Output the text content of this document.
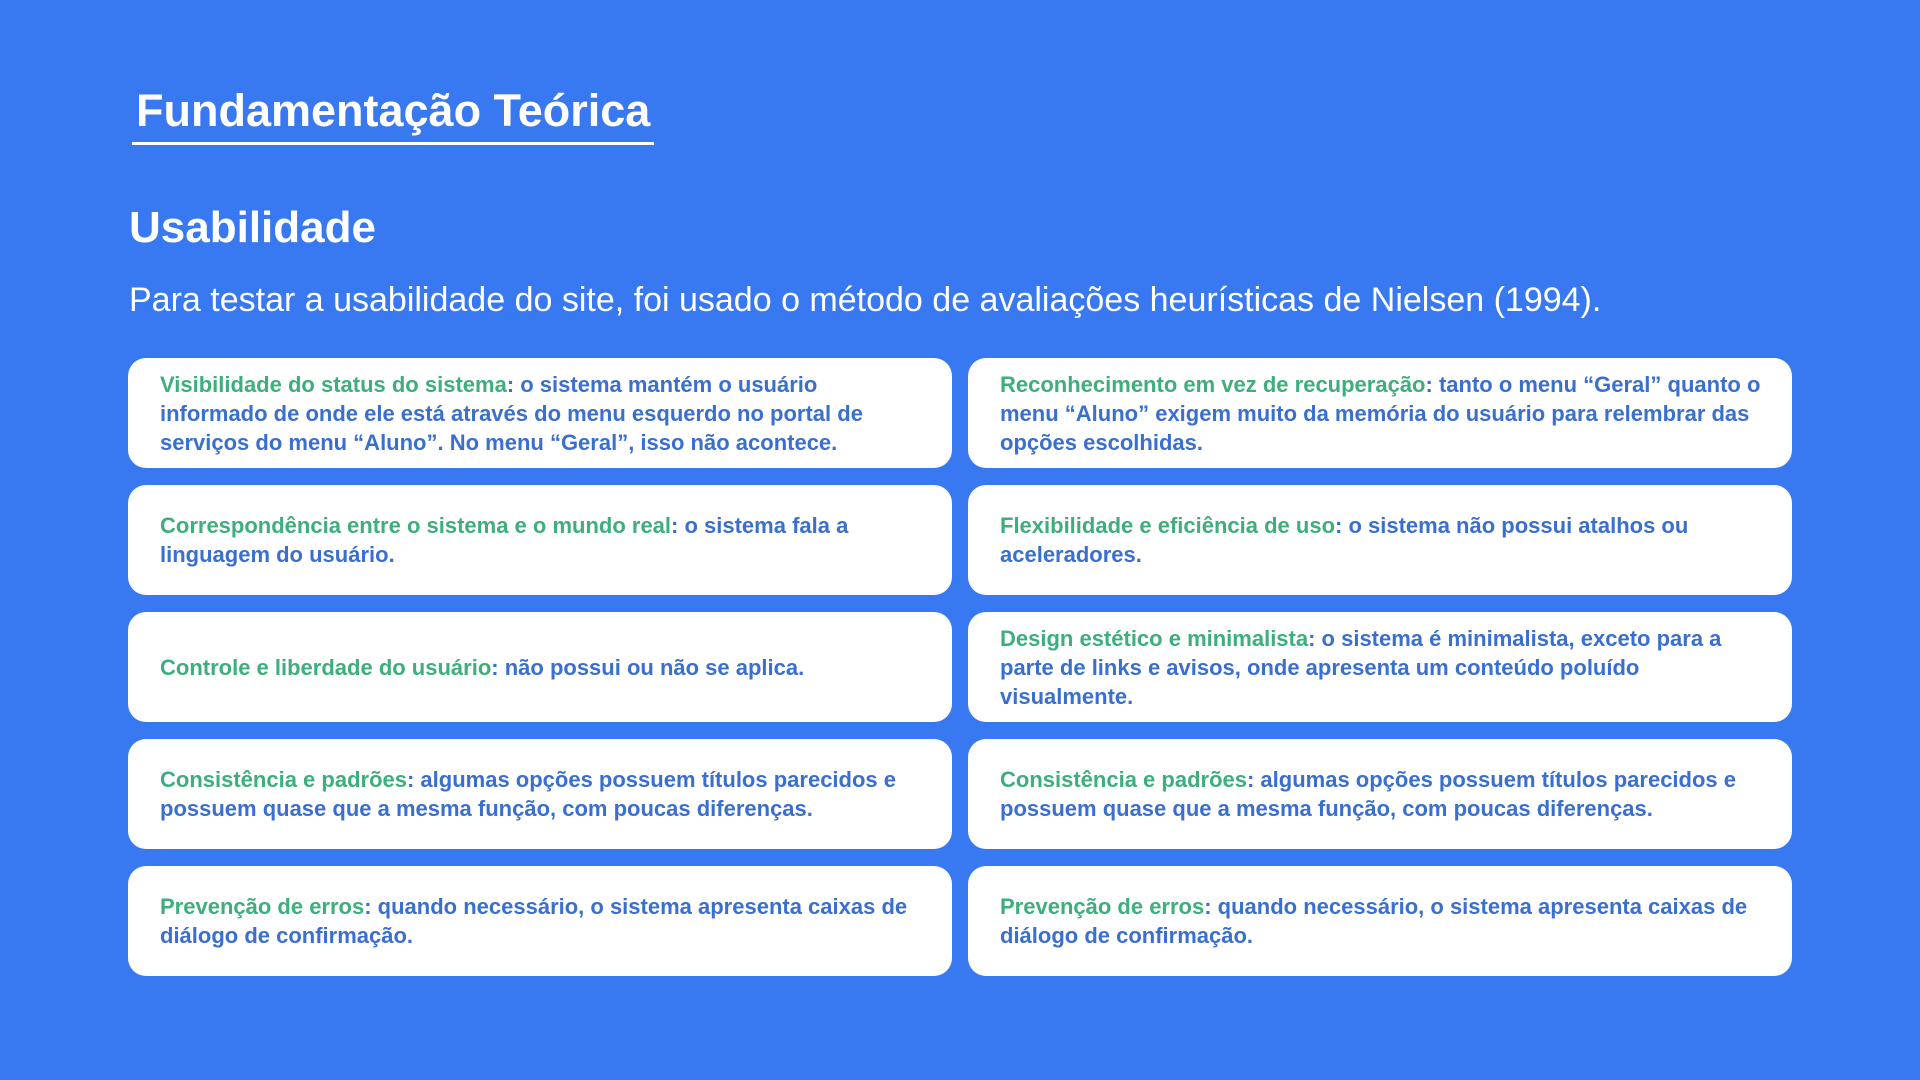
Fundamentação Teórica
Usabilidade
Para testar a usabilidade do site, foi usado o método de avaliações heurísticas de Nielsen (1994).
Visibilidade do status do sistema: o sistema mantém o usuário informado de onde ele está através do menu esquerdo no portal de serviços do menu “Aluno”. No menu “Geral”, isso não acontece.
Reconhecimento em vez de recuperação: tanto o menu “Geral” quanto o menu “Aluno” exigem muito da memória do usuário para relembrar das opções escolhidas.
Correspondência entre o sistema e o mundo real: o sistema fala a linguagem do usuário.
Flexibilidade e eficiência de uso: o sistema não possui atalhos ou aceleradores.
Controle e liberdade do usuário: não possui ou não se aplica.
Design estético e minimalista: o sistema é minimalista, exceto para a parte de links e avisos, onde apresenta um conteúdo poluído visualmente.
Consistência e padrões: algumas opções possuem títulos parecidos e possuem quase que a mesma função, com poucas diferenças.
Consistência e padrões: algumas opções possuem títulos parecidos e possuem quase que a mesma função, com poucas diferenças.
Prevenção de erros: quando necessário, o sistema apresenta caixas de diálogo de confirmação.
Prevenção de erros: quando necessário, o sistema apresenta caixas de diálogo de confirmação.
